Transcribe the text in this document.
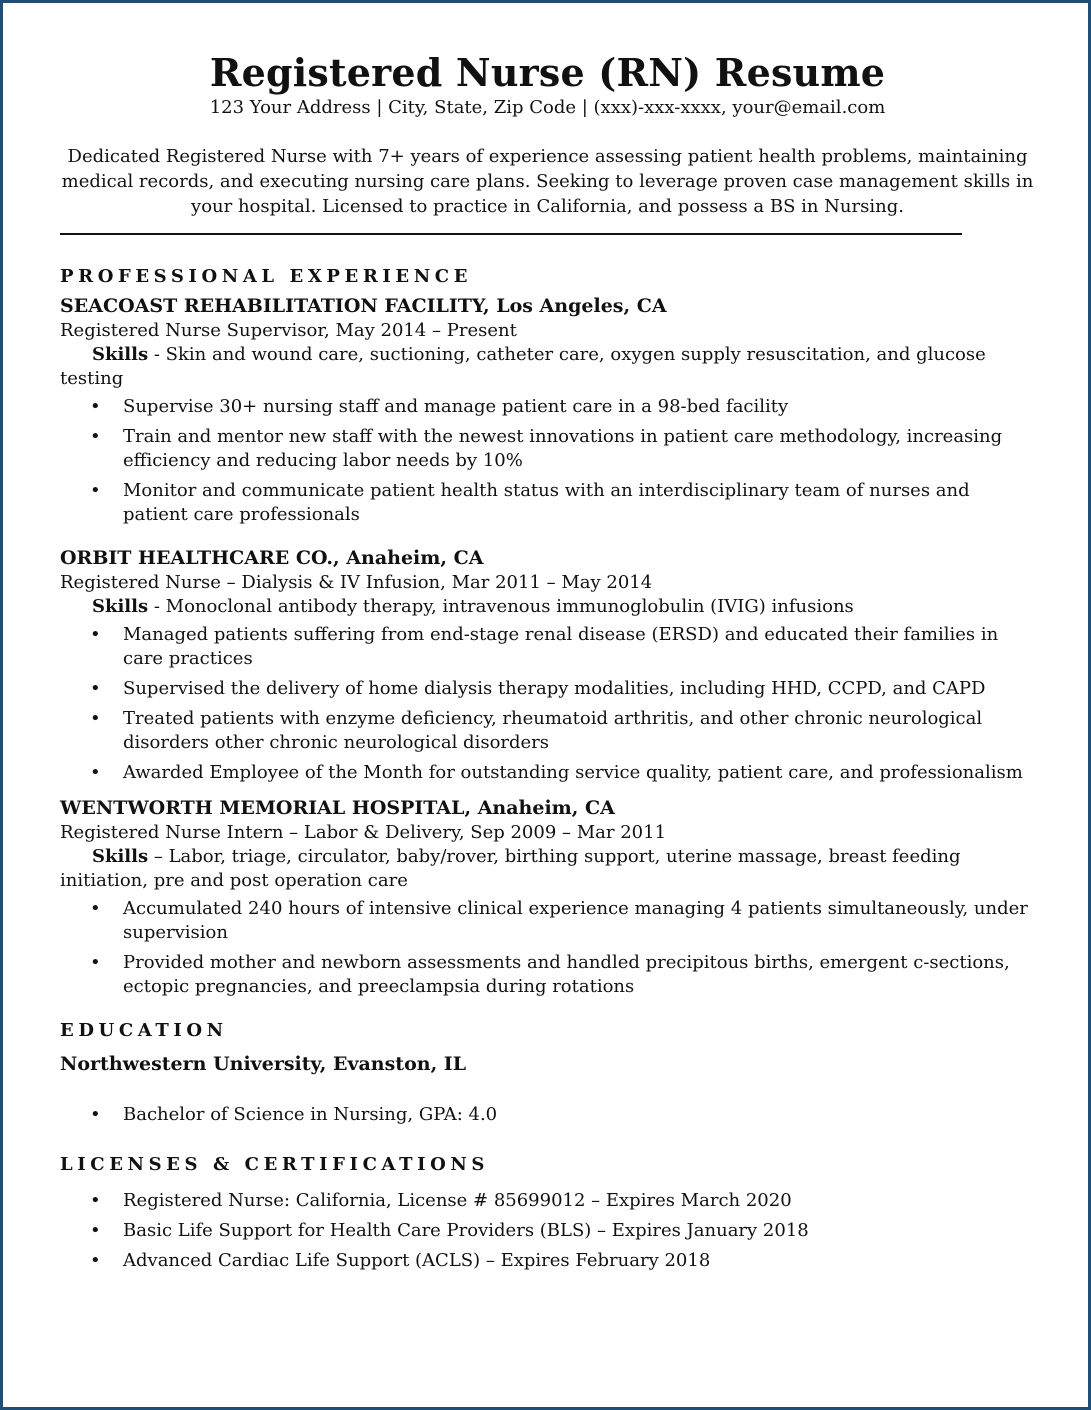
Registered Nurse (RN) Resume
123 Your Address | City, State, Zip Code | (xxx)-xxx-xxxx, your@email.com
Dedicated Registered Nurse with 7+ years of experience assessing patient health problems, maintaining medical records, and executing nursing care plans. Seeking to leverage proven case management skills in your hospital. Licensed to practice in California, and possess a BS in Nursing.
PROFESSIONAL EXPERIENCE
SEACOAST REHABILITATION FACILITY, Los Angeles, CA
Registered Nurse Supervisor, May 2014 – Present
Skills - Skin and wound care, suctioning, catheter care, oxygen supply resuscitation, and glucose testing
• Supervise 30+ nursing staff and manage patient care in a 98-bed facility
• Train and mentor new staff with the newest innovations in patient care methodology, increasing efficiency and reducing labor needs by 10%
• Monitor and communicate patient health status with an interdisciplinary team of nurses and patient care professionals
ORBIT HEALTHCARE CO., Anaheim, CA
Registered Nurse – Dialysis & IV Infusion, Mar 2011 – May 2014
Skills - Monoclonal antibody therapy, intravenous immunoglobulin (IVIG) infusions
• Managed patients suffering from end-stage renal disease (ERSD) and educated their families in care practices
• Supervised the delivery of home dialysis therapy modalities, including HHD, CCPD, and CAPD
• Treated patients with enzyme deficiency, rheumatoid arthritis, and other chronic neurological disorders other chronic neurological disorders
• Awarded Employee of the Month for outstanding service quality, patient care, and professionalism
WENTWORTH MEMORIAL HOSPITAL, Anaheim, CA
Registered Nurse Intern – Labor & Delivery, Sep 2009 – Mar 2011
Skills – Labor, triage, circulator, baby/rover, birthing support, uterine massage, breast feeding initiation, pre and post operation care
• Accumulated 240 hours of intensive clinical experience managing 4 patients simultaneously, under supervision
• Provided mother and newborn assessments and handled precipitous births, emergent c-sections, ectopic pregnancies, and preeclampsia during rotations
EDUCATION
Northwestern University, Evanston, IL
• Bachelor of Science in Nursing, GPA: 4.0
LICENSES & CERTIFICATIONS
• Registered Nurse: California, License # 85699012 – Expires March 2020
• Basic Life Support for Health Care Providers (BLS) – Expires January 2018
• Advanced Cardiac Life Support (ACLS) – Expires February 2018
